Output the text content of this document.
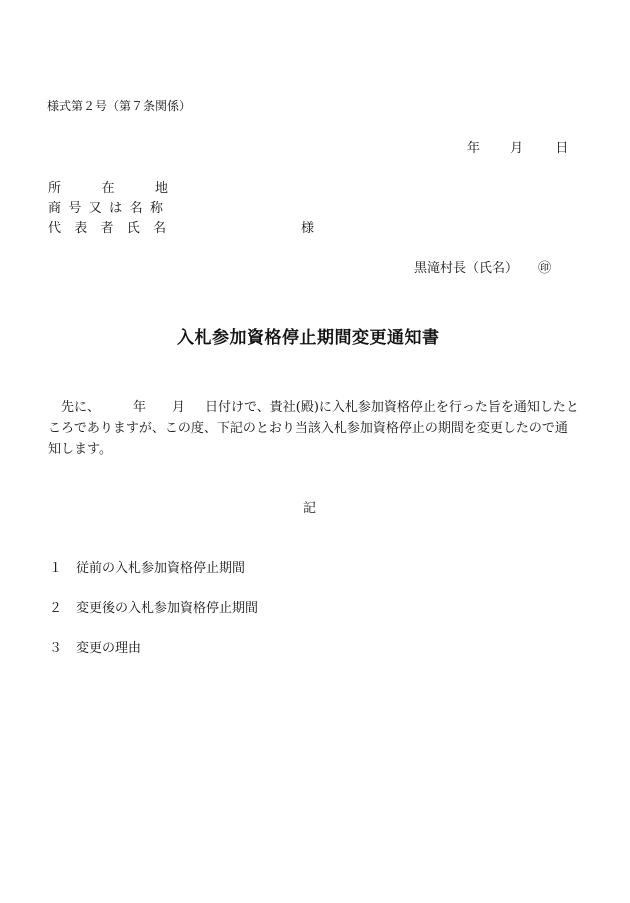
様式第２号（第７条関係）
年 月 日
所	在	地
商 号 又 は 名 称
代 表 者 氏 名	様
黒滝村長（氏名） ㊞
入札参加資格停止期間変更通知書
先に、	年 月 日付けで、貴社(殿)に入札参加資格停止を行った旨を通知したところでありますが、この度、下記のとおり当該入札参加資格停止の期間を変更したので通知します。
記
１ 従前の入札参加資格停止期間
２ 変更後の入札参加資格停止期間
３ 変更の理由
